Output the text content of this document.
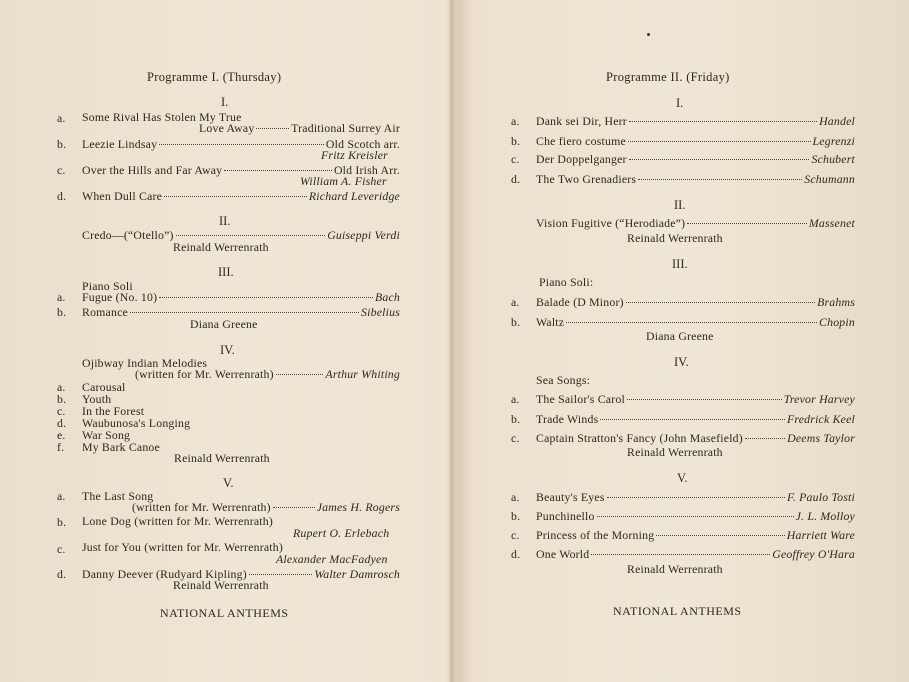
Programme I. (Thursday)
I.
a. Some Rival Has Stolen My True
Love Away	Traditional Surrey Air
b.	Leezie Lindsay	Old Scotch arr.
Fritz Kreisler
c.	Over the Hills and Far Away	Old Irish Arr.
William A. Fisher
d.	When Dull Care	Richard Leveridge
II.
Credo—(“Otello”)	Guiseppi Verdi
Reinald Werrenrath
III.
Piano Soli
a.	Fugue (No. 10)	Bach
b.	Romance	Sibelius
Diana Greene
IV.
Ojibway Indian Melodies
(written for Mr. Werrenrath)	Arthur Whiting
a. Carousal
b. Youth
c. In the Forest
d. Waubunosa's Longing
e. War Song
f. My Bark Canoe
Reinald Werrenrath
V.
a. The Last Song
(written for Mr. Werrenrath)	James H. Rogers
b. Lone Dog (written for Mr. Werrenrath)
Rupert O. Erlebach
c. Just for You (written for Mr. Werrenrath)
Alexander MacFadyen
d.	Danny Deever (Rudyard Kipling)	Walter Damrosch
Reinald Werrenrath
NATIONAL ANTHEMS
Programme II. (Friday)
I.
a.	Dank sei Dir, Herr	Handel
b.	Che fiero costume	Legrenzi
c.	Der Doppelganger	Schubert
d.	The Two Grenadiers	Schumann
II.
Vision Fugitive (“Herodiade”)	Massenet
Reinald Werrenrath
III.
Piano Soli:
a.	Balade (D Minor)	Brahms
b.	Waltz	Chopin
Diana Greene
IV.
Sea Songs:
a.	The Sailor's Carol	Trevor Harvey
b.	Trade Winds	Fredrick Keel
c.	Captain Stratton's Fancy (John Masefield)	Deems Taylor
Reinald Werrenrath
V.
a.	Beauty's Eyes	F. Paulo Tosti
b.	Punchinello	J. L. Molloy
c.	Princess of the Morning	Harriett Ware
d.	One World	Geoffrey O'Hara
Reinald Werrenrath
NATIONAL ANTHEMS
